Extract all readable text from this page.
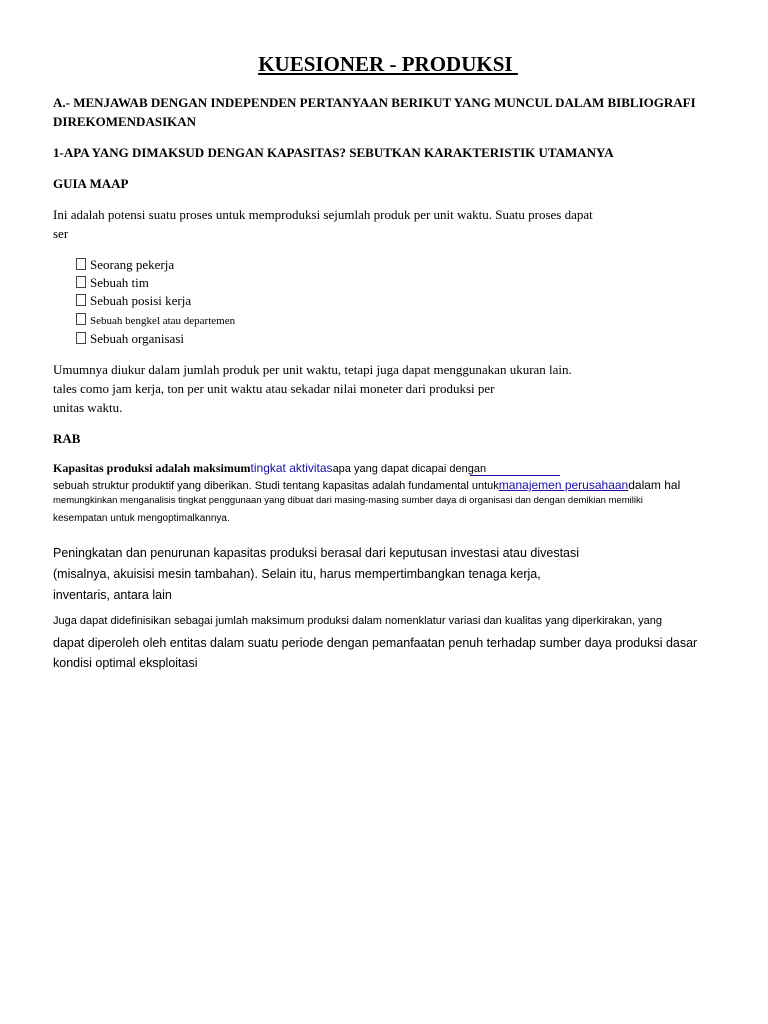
KUESIONER - PRODUKSI
A.- MENJAWAB DENGAN INDEPENDEN PERTANYAAN BERIKUT YANG MUNCUL DALAM BIBLIOGRAFI
DIREKOMENDASIKAN
1-APA YANG DIMAKSUD DENGAN KAPASITAS? SEBUTKAN KARAKTERISTIK UTAMANYA
GUIA MAAP
Ini adalah potensi suatu proses untuk memproduksi sejumlah produk per unit waktu. Suatu proses dapat
ser
Seorang pekerja
Sebuah tim
Sebuah posisi kerja
Sebuah bengkel atau departemen
Sebuah organisasi
Umumnya diukur dalam jumlah produk per unit waktu, tetapi juga dapat menggunakan ukuran lain.
tales como jam kerja, ton per unit waktu atau sekadar nilai moneter dari produksi per
unitas waktu.
RAB
Kapasitas produksi adalah maksimumtingkat aktivitasapa yang dapat dicapai dengan
sebuah struktur produktif yang diberikan. Studi tentang kapasitas adalah fundamental untukmanajemen perusahaandalam hal
memungkinkan menganalisis tingkat penggunaan yang dibuat dari masing-masing sumber daya di organisasi dan dengan demikian memiliki
kesempatan untuk mengoptimalkannya.
Peningkatan dan penurunan kapasitas produksi berasal dari keputusan investasi atau divestasi
(misalnya, akuisisi mesin tambahan). Selain itu, harus mempertimbangkan tenaga kerja,
inventaris, antara lain
Juga dapat didefinisikan sebagai jumlah maksimum produksi dalam nomenklatur variasi dan kualitas yang diperkirakan, yang
dapat diperoleh oleh entitas dalam suatu periode dengan pemanfaatan penuh terhadap sumber daya produksi dasar
kondisi optimal eksploitasi
